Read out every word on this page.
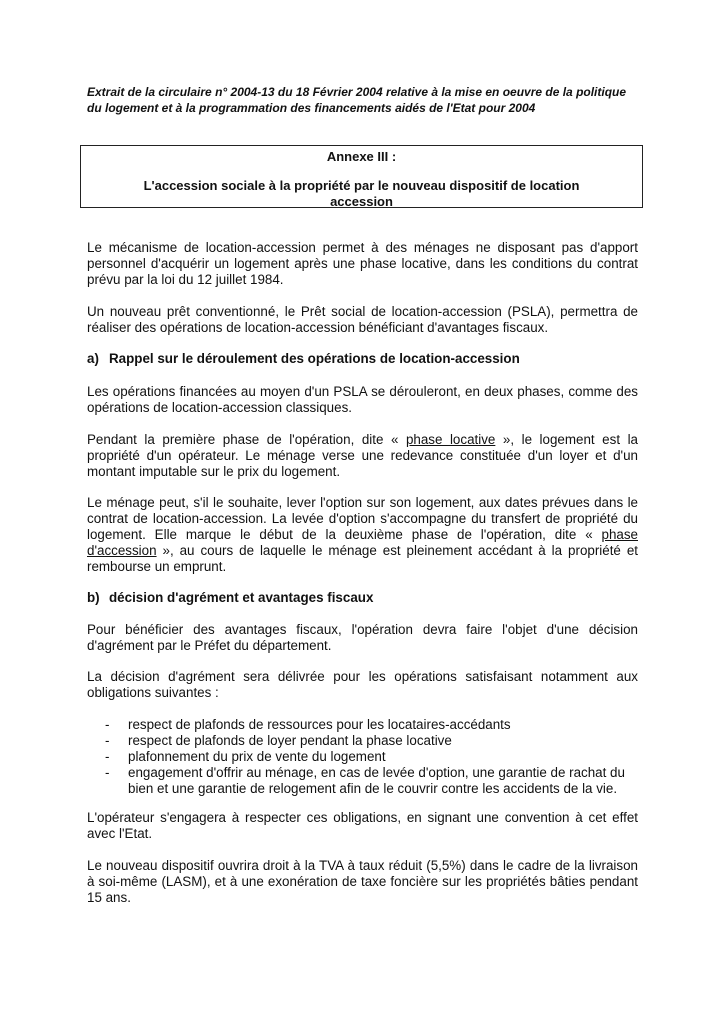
Extrait de la circulaire n° 2004-13 du 18 Février 2004 relative à la mise en oeuvre de la politique
du logement et à la programmation des financements aidés de l'Etat pour 2004
Annexe III :
L'accession sociale à la propriété par le nouveau dispositif de location accession
Le mécanisme de location-accession permet à des ménages ne disposant pas d'apport personnel d'acquérir un logement après une phase locative, dans les conditions du contrat prévu par la loi du 12 juillet 1984.
Un nouveau prêt conventionné, le Prêt social de location-accession (PSLA), permettra de réaliser des opérations de location-accession bénéficiant d'avantages fiscaux.
a) Rappel sur le déroulement des opérations de location-accession
Les opérations financées au moyen d'un PSLA se dérouleront, en deux phases, comme des opérations de location-accession classiques.
Pendant la première phase de l'opération, dite « phase locative », le logement est la propriété d'un opérateur. Le ménage verse une redevance constituée d'un loyer et d'un montant imputable sur le prix du logement.
Le ménage peut, s'il le souhaite, lever l'option sur son logement, aux dates prévues dans le contrat de location-accession. La levée d'option s'accompagne du transfert de propriété du logement. Elle marque le début de la deuxième phase de l'opération, dite « phase d'accession », au cours de laquelle le ménage est pleinement accédant à la propriété et rembourse un emprunt.
b) décision d'agrément et avantages fiscaux
Pour bénéficier des avantages fiscaux, l'opération devra faire l'objet d'une décision d'agrément par le Préfet du département.
La décision d'agrément sera délivrée pour les opérations satisfaisant notamment aux obligations suivantes :
- respect de plafonds de ressources pour les locataires-accédants
- respect de plafonds de loyer pendant la phase locative
- plafonnement du prix de vente du logement
- engagement d'offrir au ménage, en cas de levée d'option, une garantie de rachat du bien et une garantie de relogement afin de le couvrir contre les accidents de la vie.
L'opérateur s'engagera à respecter ces obligations, en signant une convention à cet effet avec l'Etat.
Le nouveau dispositif ouvrira droit à la TVA à taux réduit (5,5%) dans le cadre de la livraison à soi-même (LASM), et à une exonération de taxe foncière sur les propriétés bâties pendant 15 ans.
